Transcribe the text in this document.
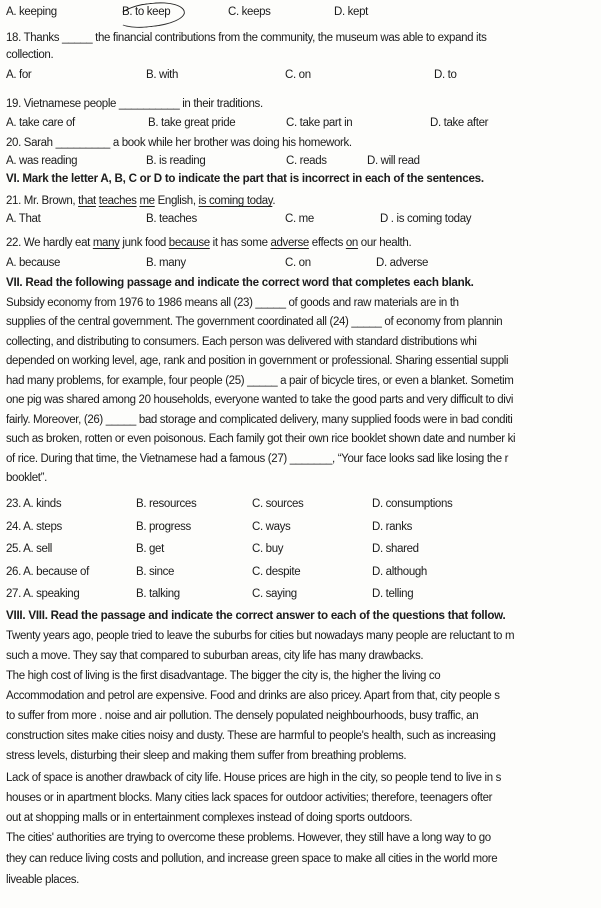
A. keeping	B. to keep	C. keeps	D. kept
18. Thanks _____ the financial contributions from the community, the museum was able to expand its
collection.
A. for	B. with	C. on	D. to
19. Vietnamese people __________ in their traditions.
A. take care of	B. take great pride	C. take part in	D. take after
20. Sarah _________ a book while her brother was doing his homework.
A. was reading	B. is reading	C. reads	D. will read
VI. Mark the letter A, B, C or D to indicate the part that is incorrect in each of the sentences.
21. Mr. Brown, that teaches me English, is coming today.
A. That	B. teaches	C. me	D . is coming today
22. We hardly eat many junk food because it has some adverse effects on our health.
A. because	B. many	C. on	D. adverse
VII. Read the following passage and indicate the correct word that completes each blank.
Subsidy economy from 1976 to 1986 means all (23) _____ of goods and raw materials are in th
supplies of the central government. The government coordinated all (24) _____ of economy from plannin
collecting, and distributing to consumers. Each person was delivered with standard distributions whi
depended on working level, age, rank and position in government or professional. Sharing essential suppli
had many problems, for example, four people (25) _____ a pair of bicycle tires, or even a blanket. Sometim
one pig was shared among 20 households, everyone wanted to take the good parts and very difficult to divi
fairly. Moreover, (26) _____ bad storage and complicated delivery, many supplied foods were in bad conditi
such as broken, rotten or even poisonous. Each family got their own rice booklet shown date and number ki
of rice. During that time, the Vietnamese had a famous (27) _______, “Your face looks sad like losing the r
booklet”.
23. A. kinds	B. resources	C. sources	D. consumptions
24. A. steps	B. progress	C. ways	D. ranks
25. A. sell	B. get	C. buy	D. shared
26. A. because of	B. since	C. despite	D. although
27. A. speaking	B. talking	C. saying	D. telling
VIII. VIII. Read the passage and indicate the correct answer to each of the questions that follow.
Twenty years ago, people tried to leave the suburbs for cities but nowadays many people are reluctant to m
such a move. They say that compared to suburban areas, city life has many drawbacks.
The high cost of living is the first disadvantage. The bigger the city is, the higher the living co
Accommodation and petrol are expensive. Food and drinks are also pricey. Apart from that, city people s
to suffer from more . noise and air pollution. The densely populated neighbourhoods, busy traffic, an
construction sites make cities noisy and dusty. These are harmful to people's health, such as increasing
stress levels, disturbing their sleep and making them suffer from breathing problems.
Lack of space is another drawback of city life. House prices are high in the city, so people tend to live in s
houses or in apartment blocks. Many cities lack spaces for outdoor activities; therefore, teenagers ofter
out at shopping malls or in entertainment complexes instead of doing sports outdoors.
The cities' authorities are trying to overcome these problems. However, they still have a long way to go
they can reduce living costs and pollution, and increase green space to make all cities in the world more
liveable places.
